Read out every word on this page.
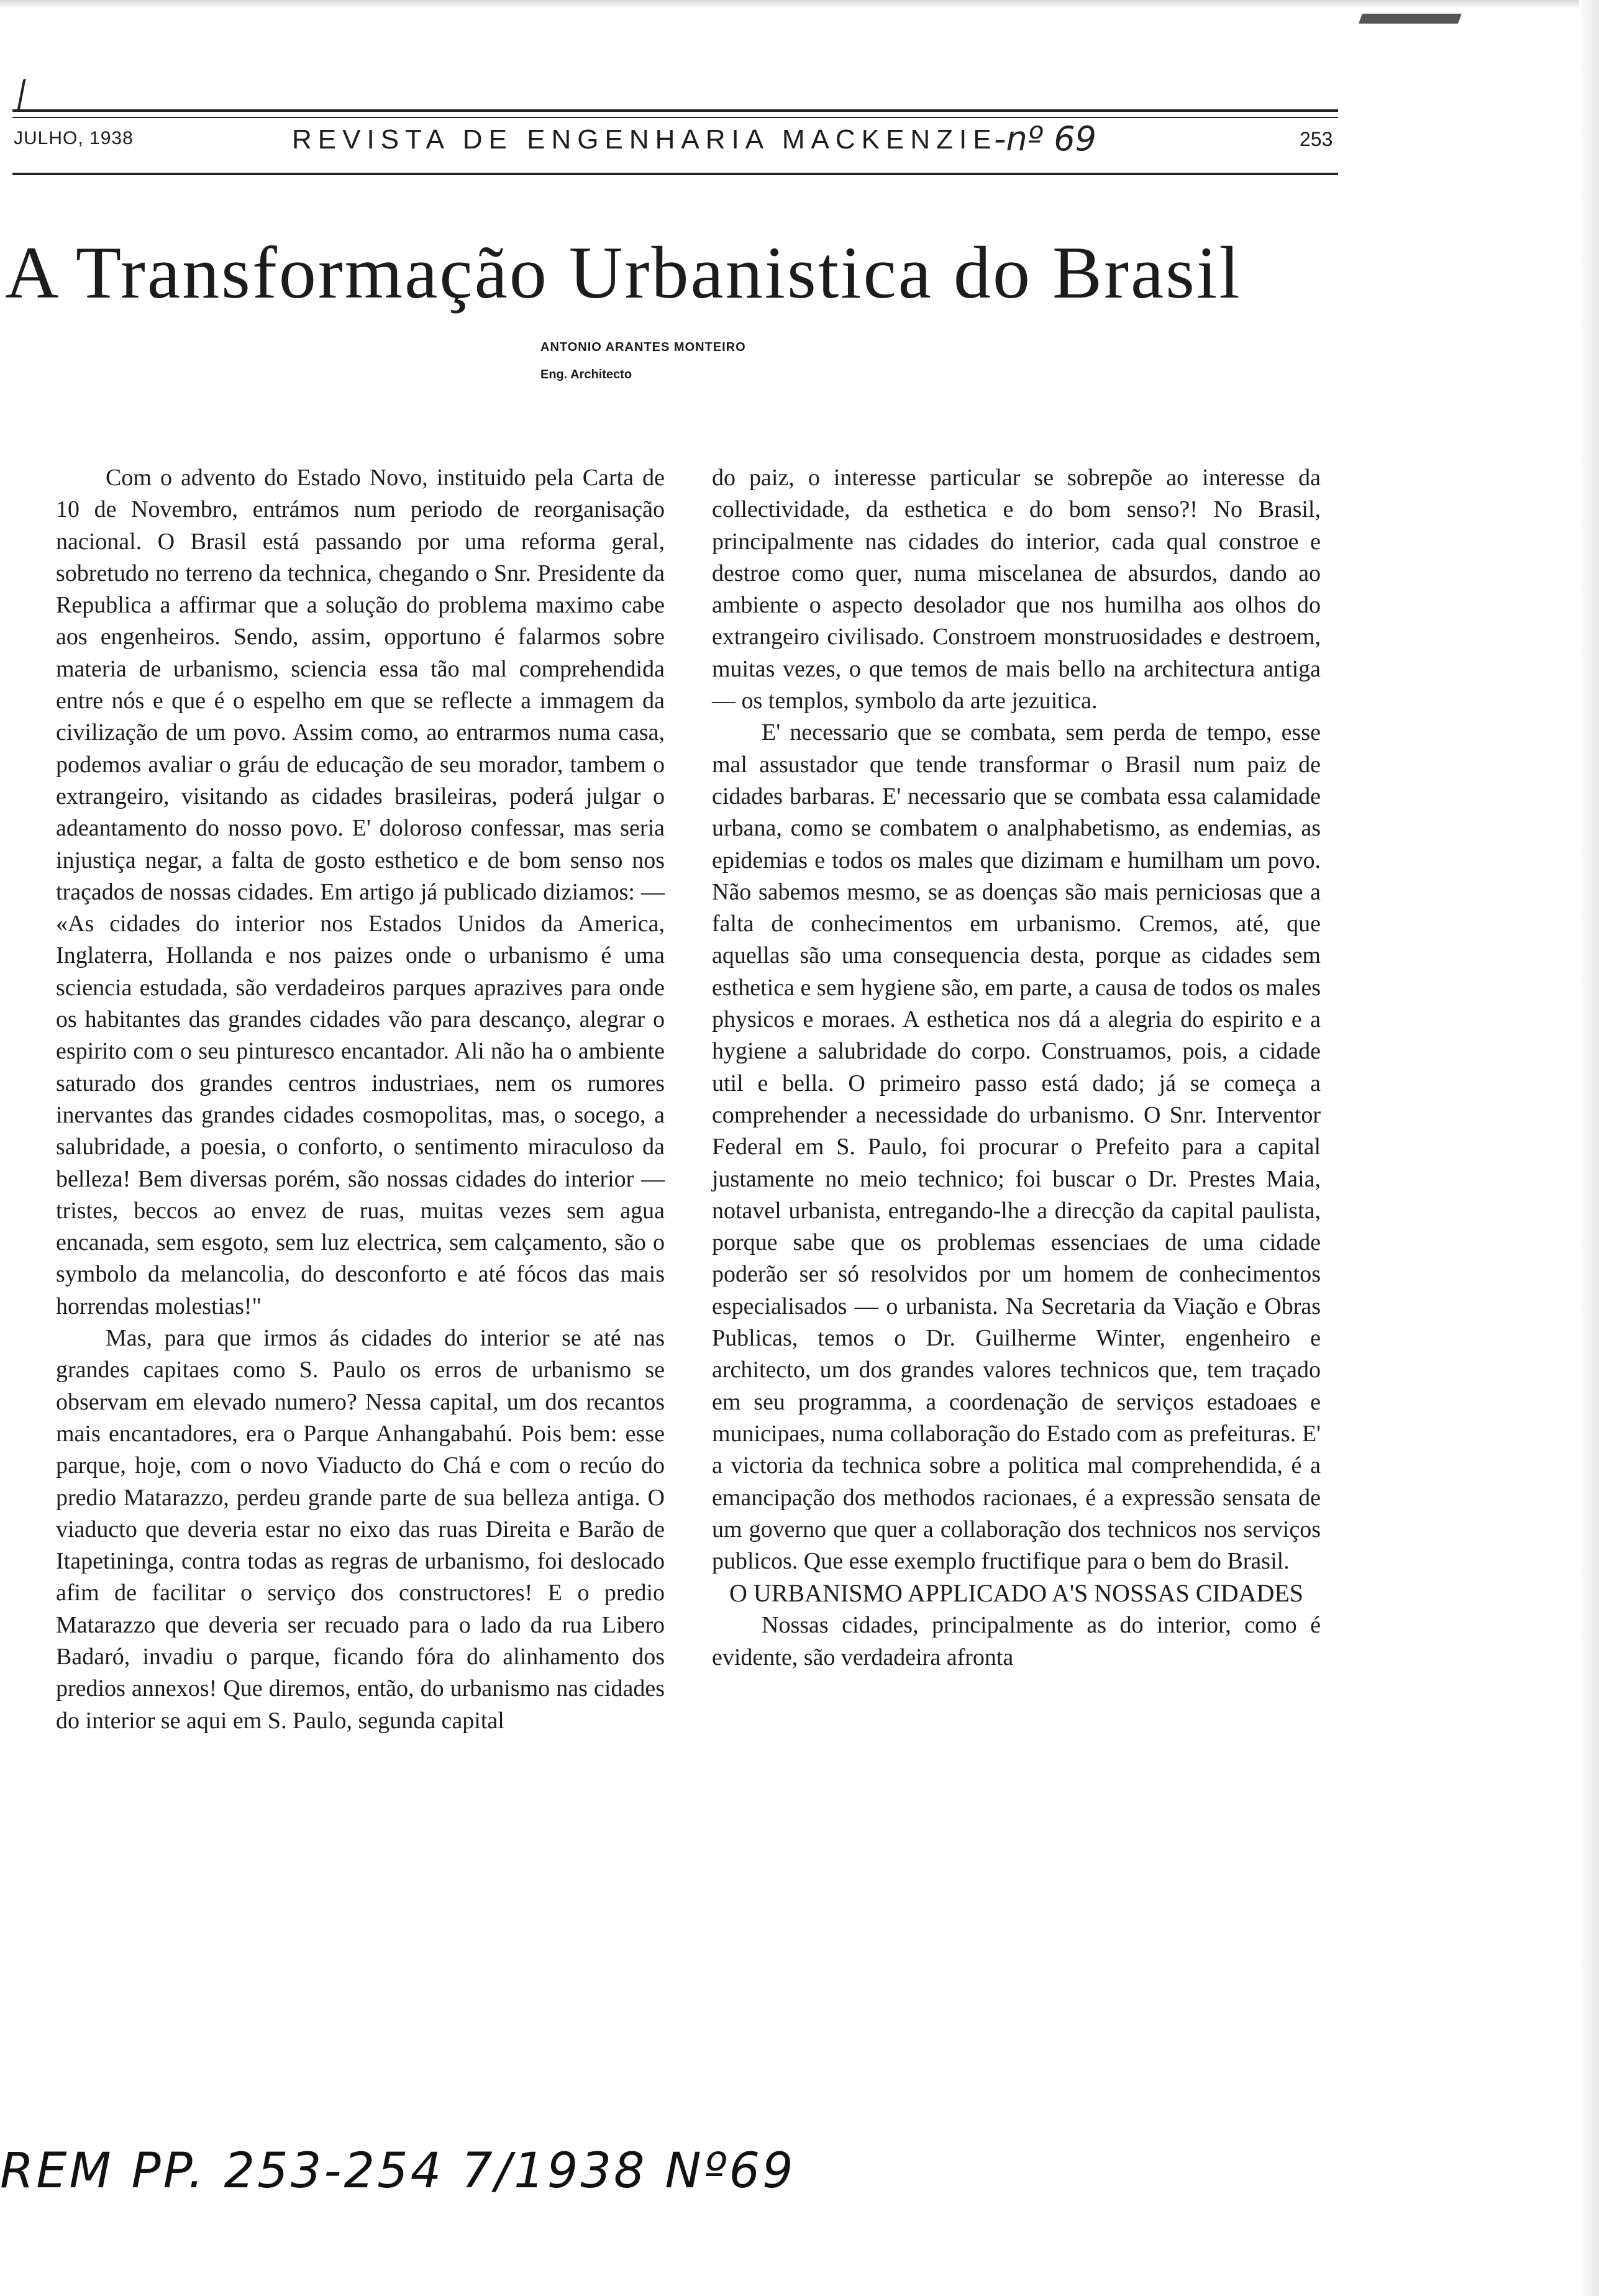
⁄
JULHO, 1938	REVISTA DE ENGENHARIA MACKENZIE
-nº 69	253
A Transformação Urbanistica do Brasil
ANTONIO ARANTES MONTEIRO
Eng. Architecto

Com o advento do Estado Novo, instituido pela Carta de 10 de Novembro, entrámos num periodo de reorganisação nacional. O Brasil está passando por uma reforma geral, sobretudo no terreno da technica, chegando o Snr. Presidente da Republica a affirmar que a solução do problema maximo cabe aos engenheiros. Sendo, assim, opportuno é falarmos sobre materia de urbanismo, sciencia essa tão mal comprehendida entre nós e que é o espelho em que se reflecte a immagem da civilização de um povo. Assim como, ao entrarmos numa casa, podemos avaliar o gráu de educação de seu morador, tambem o extrangeiro, visitando as cidades brasileiras, poderá julgar o adeantamento do nosso povo. E' doloroso confessar, mas seria injustiça negar, a falta de gosto esthetico e de bom senso nos traçados de nossas cidades. Em artigo já publicado diziamos: — «As cidades do interior nos Estados Unidos da America, Inglaterra, Hollanda e nos paizes onde o urbanismo é uma sciencia estudada, são verdadeiros parques aprazives para onde os habitantes das grandes cidades vão para descanço, alegrar o espirito com o seu pinturesco encantador. Ali não ha o ambiente saturado dos grandes centros industriaes, nem os rumores inervantes das grandes cidades cosmopolitas, mas, o socego, a salubridade, a poesia, o conforto, o sentimento miraculoso da belleza! Bem diversas porém, são nossas cidades do interior — tristes, beccos ao envez de ruas, muitas vezes sem agua encanada, sem esgoto, sem luz electrica, sem calçamento, são o symbolo da melancolia, do desconforto e até fócos das mais horrendas molestias!"

Mas, para que irmos ás cidades do interior se até nas grandes capitaes como S. Paulo os erros de urbanismo se observam em elevado numero? Nessa capital, um dos recantos mais encantadores, era o Parque Anhangabahú. Pois bem: esse parque, hoje, com o novo Viaducto do Chá e com o recúo do predio Matarazzo, perdeu grande parte de sua belleza antiga. O viaducto que deveria estar no eixo das ruas Direita e Barão de Itapetininga, contra todas as regras de urbanismo, foi deslocado afim de facilitar o serviço dos constructores! E o predio Matarazzo que deveria ser recuado para o lado da rua Libero Badaró, invadiu o parque, ficando fóra do alinhamento dos predios annexos! Que diremos, então, do urbanismo nas cidades do interior se aqui em S. Paulo, segunda capital

do paiz, o interesse particular se sobrepõe ao interesse da collectividade, da esthetica e do bom senso?! No Brasil, principalmente nas cidades do interior, cada qual constroe e destroe como quer, numa miscelanea de absurdos, dando ao ambiente o aspecto desolador que nos humilha aos olhos do extrangeiro civilisado. Constroem monstruosidades e destroem, muitas vezes, o que temos de mais bello na architectura antiga — os templos, symbolo da arte jezuitica.

E' necessario que se combata, sem perda de tempo, esse mal assustador que tende transformar o Brasil num paiz de cidades barbaras. E' necessario que se combata essa calamidade urbana, como se combatem o analphabetismo, as endemias, as epidemias e todos os males que dizimam e humilham um povo. Não sabemos mesmo, se as doenças são mais perniciosas que a falta de conhecimentos em urbanismo. Cremos, até, que aquellas são uma consequencia desta, porque as cidades sem esthetica e sem hygiene são, em parte, a causa de todos os males physicos e moraes. A esthetica nos dá a alegria do espirito e a hygiene a salubridade do corpo. Construamos, pois, a cidade util e bella. O primeiro passo está dado; já se começa a comprehender a necessidade do urbanismo. O Snr. Interventor Federal em S. Paulo, foi procurar o Prefeito para a capital justamente no meio technico; foi buscar o Dr. Prestes Maia, notavel urbanista, entregando-lhe a direcção da capital paulista, porque sabe que os problemas essenciaes de uma cidade poderão ser só resolvidos por um homem de conhecimentos especialisados — o urbanista. Na Secretaria da Viação e Obras Publicas, temos o Dr. Guilherme Winter, engenheiro e architecto, um dos grandes valores technicos que, tem traçado em seu programma, a coordenação de serviços estadoaes e municipaes, numa collaboração do Estado com as prefeituras. E' a victoria da technica sobre a politica mal comprehendida, é a emancipação dos methodos racionaes, é a expressão sensata de um governo que quer a collaboração dos technicos nos serviços publicos. Que esse exemplo fructifique para o bem do Brasil.

O URBANISMO APPLICADO A'S NOSSAS CIDADES

Nossas cidades, principalmente as do interior, como é evidente, são verdadeira afronta

REM PP. 253-254 7/1938 Nº69
